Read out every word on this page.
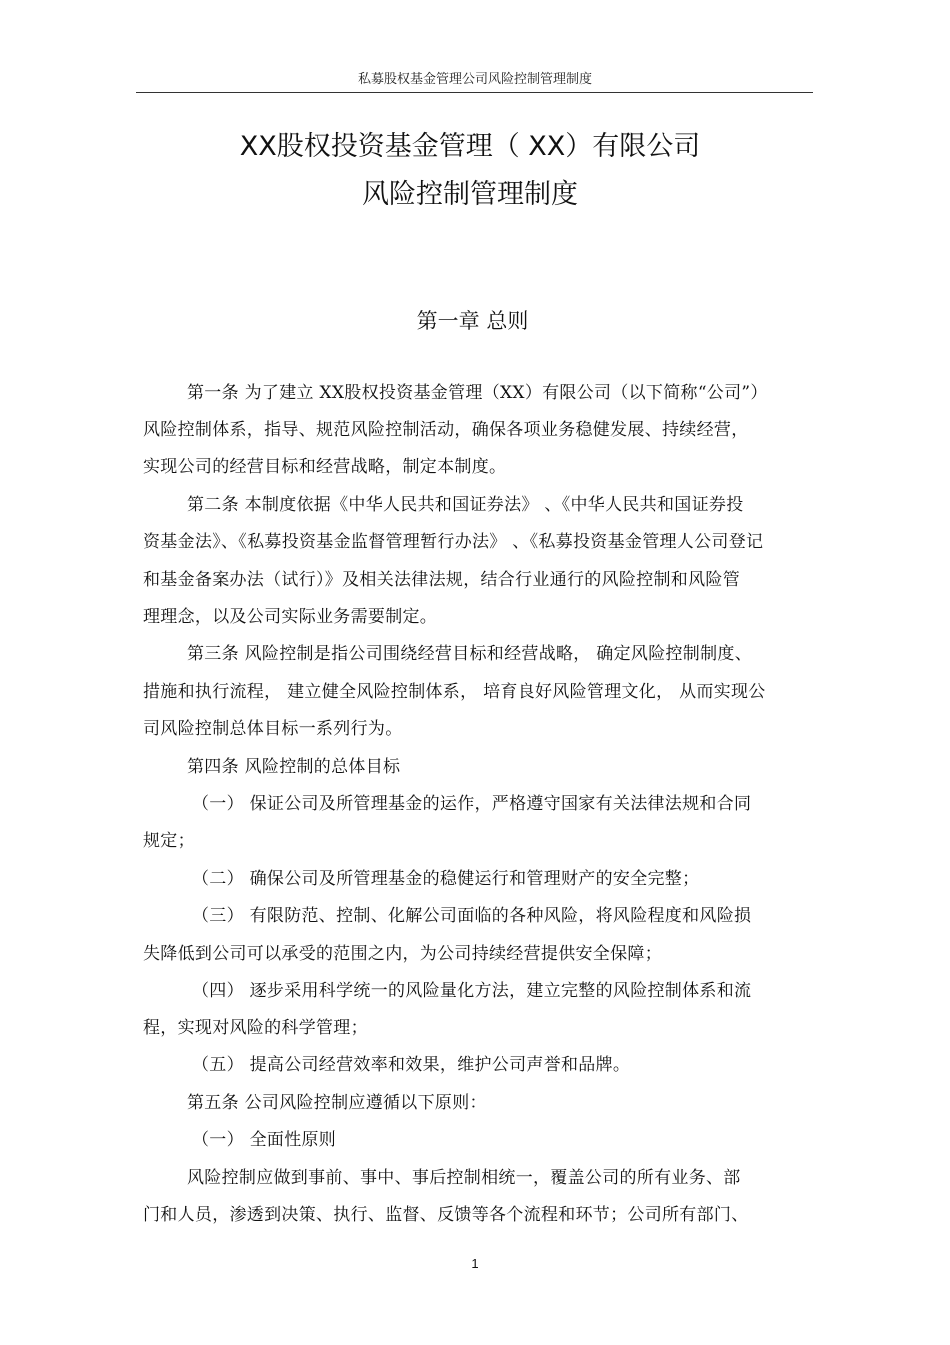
私募股权基金管理公司风险控制管理制度
XX股权投资基金管理（ XX）有限公司
风险控制管理制度
第一章 总则

第一条 为了建立 XX股权投资基金管理（XX）有限公司（以下简称“公司”）

风险控制体系，指导、规范风险控制活动，确保各项业务稳健发展、持续经营，

实现公司的经营目标和经营战略，制定本制度。

第二条 本制度依据《中华人民共和国证券法》 、《中华人民共和国证券投

资基金法》、《私募投资基金监督管理暂行办法》 、《私募投资基金管理人公司登记

和基金备案办法（试行）》及相关法律法规，结合行业通行的风险控制和风险管

理理念，以及公司实际业务需要制定。

第三条 风险控制是指公司围绕经营目标和经营战略， 确定风险控制制度、

措施和执行流程， 建立健全风险控制体系， 培育良好风险管理文化， 从而实现公

司风险控制总体目标一系列行为。

第四条 风险控制的总体目标

（一） 保证公司及所管理基金的运作，严格遵守国家有关法律法规和合同

规定；

（二） 确保公司及所管理基金的稳健运行和管理财产的安全完整；

（三） 有限防范、控制、化解公司面临的各种风险，将风险程度和风险损

失降低到公司可以承受的范围之内，为公司持续经营提供安全保障；

（四） 逐步采用科学统一的风险量化方法，建立完整的风险控制体系和流

程，实现对风险的科学管理；

（五） 提高公司经营效率和效果，维护公司声誉和品牌。

第五条 公司风险控制应遵循以下原则：

（一） 全面性原则

风险控制应做到事前、事中、事后控制相统一，覆盖公司的所有业务、部

门和人员，渗透到决策、执行、监督、反馈等各个流程和环节；公司所有部门、

1
